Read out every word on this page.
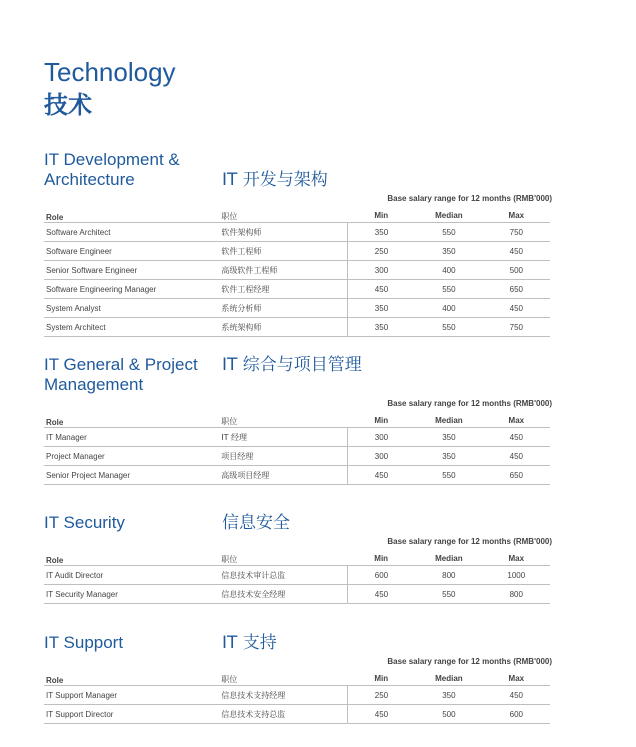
Technology
技术
IT Development & Architecture	IT 开发与架构
Base salary range for 12 months (RMB'000)
Role	职位	Min	Median	Max
Software Architect	软件架构师	350	550	750
Software Engineer	软件工程师	250	350	450
Senior Software Engineer	高级软件工程师	300	400	500
Software Engineering Manager	软件工程经理	450	550	650
System Analyst	系统分析师	350	400	450
System Architect	系统架构师	350	550	750
IT General & Project Management
IT 综合与项目管理
Base salary range for 12 months (RMB'000)
Role	职位	Min	Median	Max
IT Manager	IT 经理	300	350	450
Project Manager	项目经理	300	350	450
Senior Project Manager	高级项目经理	450	550	650
IT Security	信息安全
Base salary range for 12 months (RMB'000)
Role	职位	Min	Median	Max
IT Audit Director	信息技术审计总监	600	800	1000
IT Security Manager	信息技术安全经理	450	550	800
IT Support	IT 支持
Base salary range for 12 months (RMB'000)
Role	职位	Min	Median	Max
IT Support Manager	信息技术支持经理	250	350	450
IT Support Director	信息技术支持总监	450	500	600
